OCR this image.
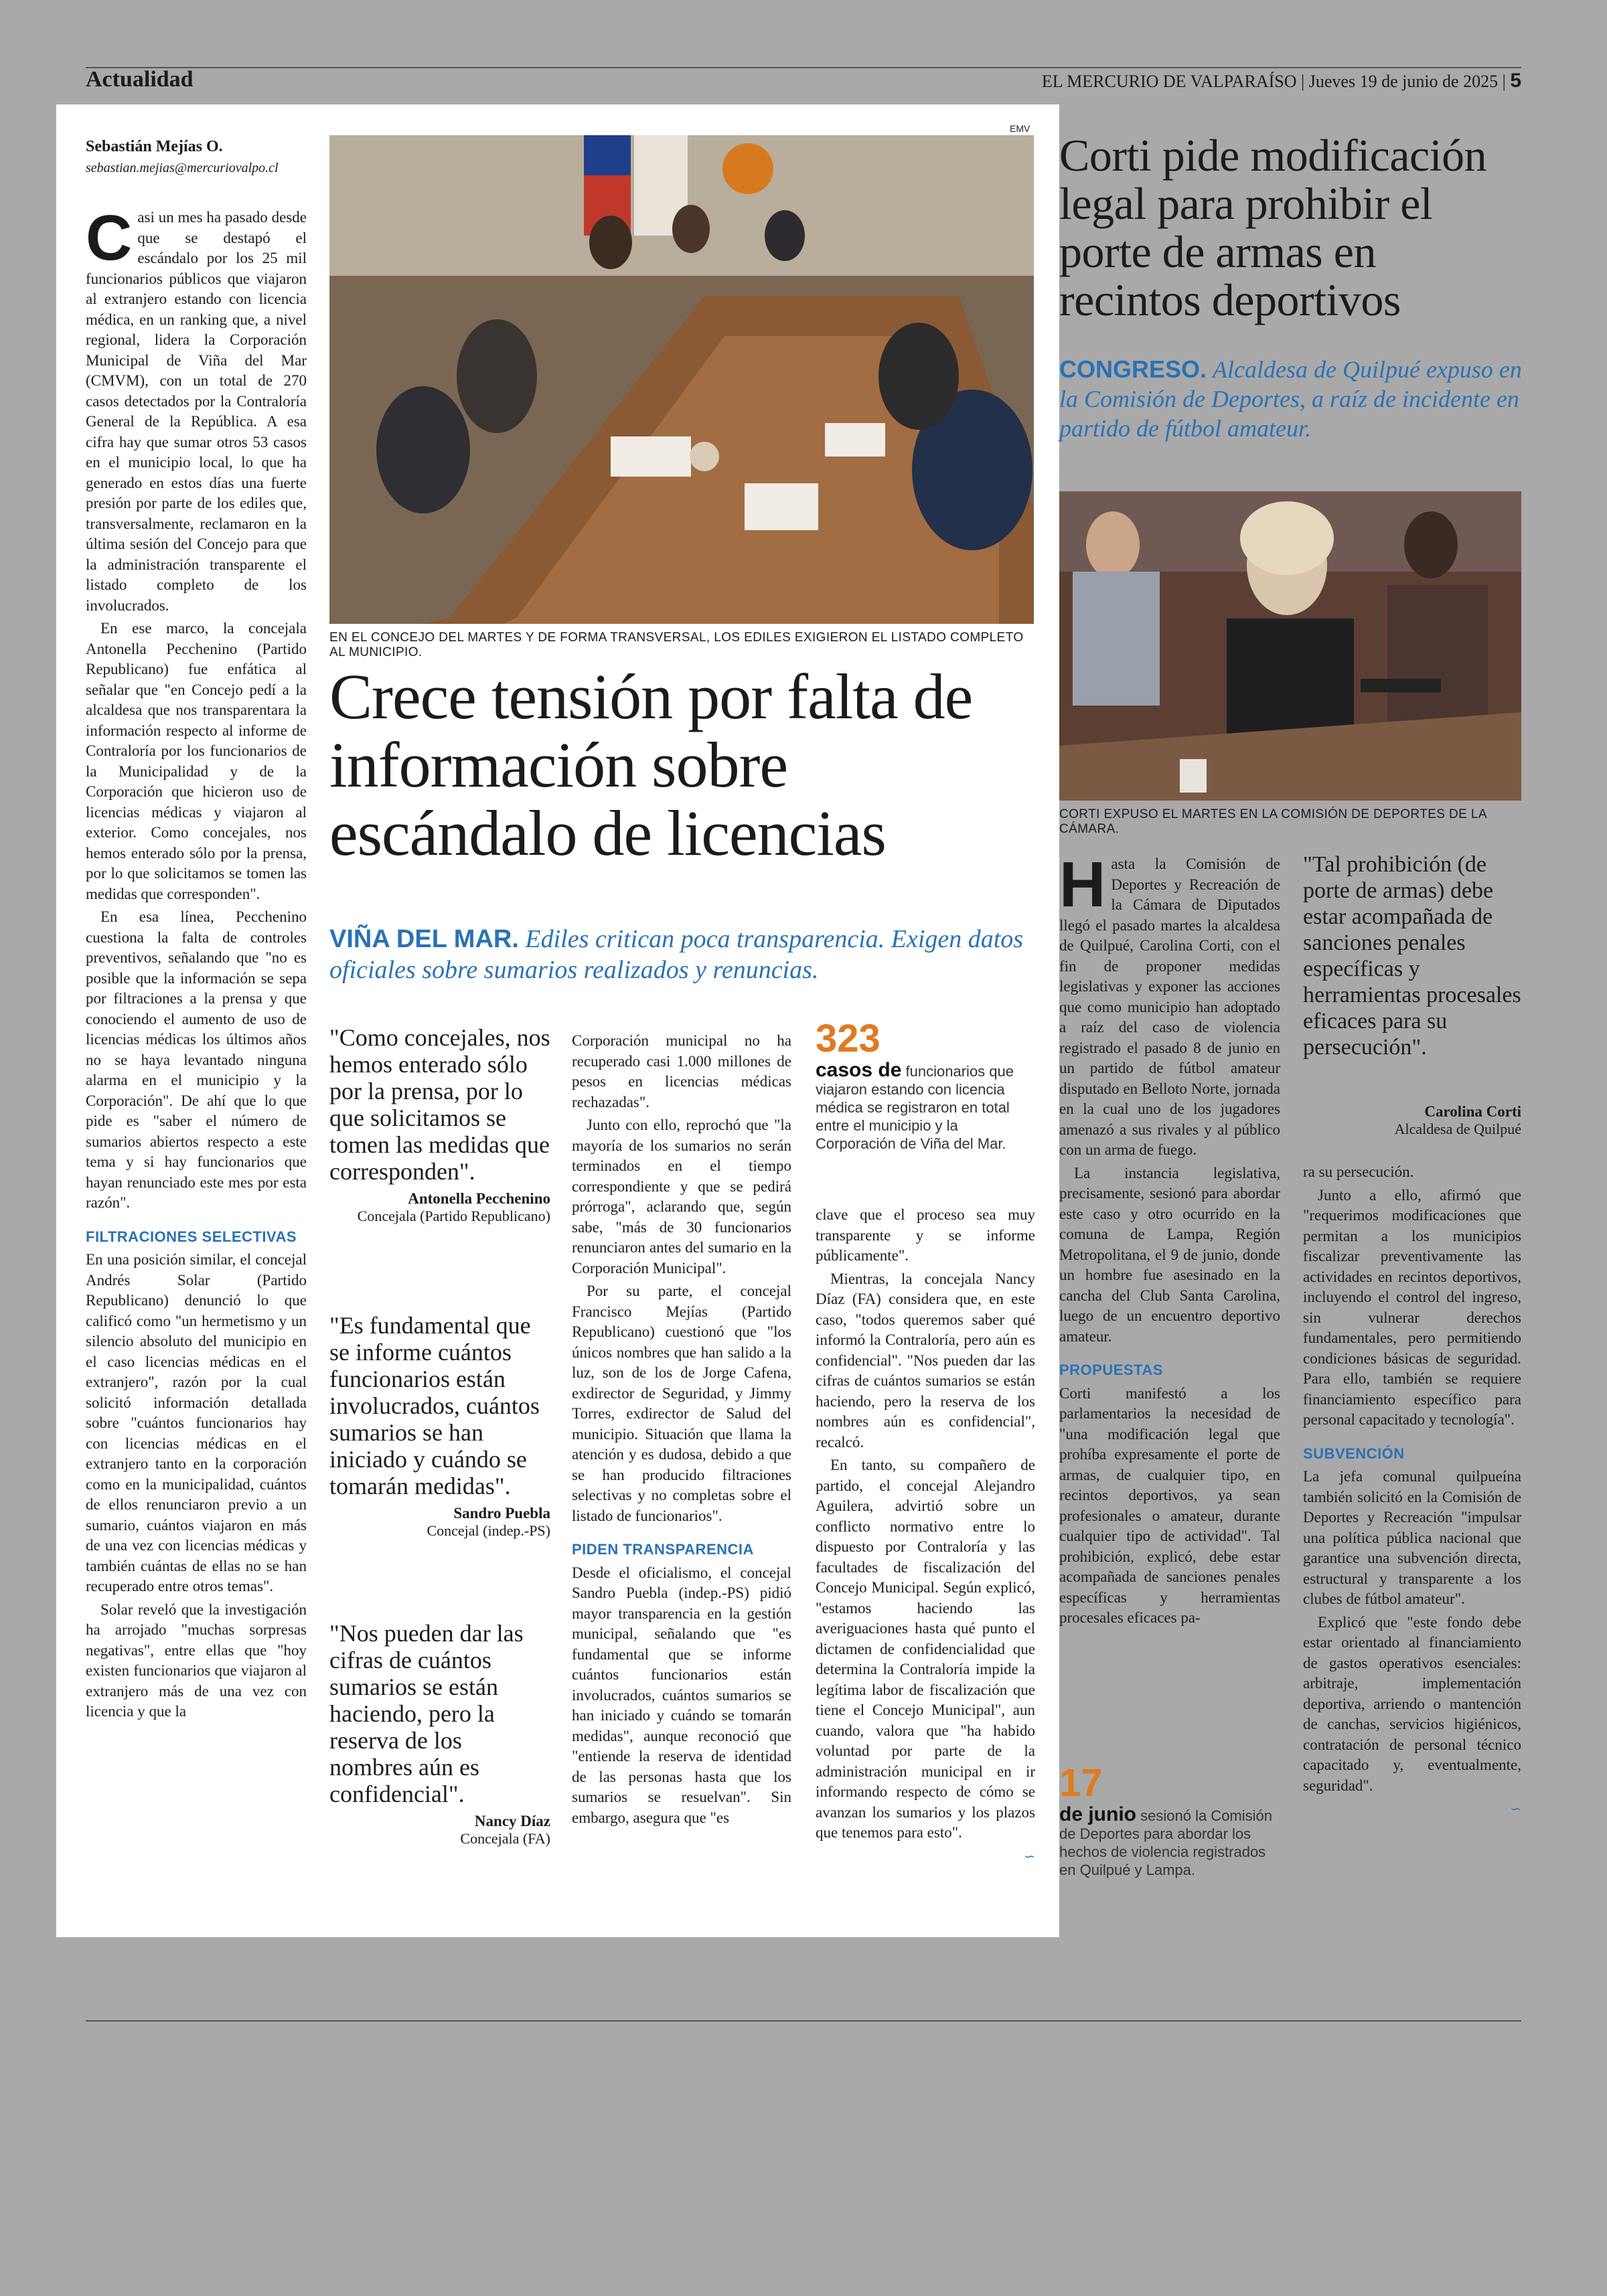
Actualidad	EL MERCURIO DE VALPARAÍSO | Jueves 19 de junio de 2025 | 5
Sebastián Mejías O.
sebastian.mejias@mercuriovalpo.cl
EMV
EN EL CONCEJO DEL MARTES Y DE FORMA TRANSVERSAL, LOS EDILES EXIGIERON EL LISTADO COMPLETO AL MUNICIPIO.
Crece tensión por falta de información sobre escándalo de licencias
VIÑA DEL MAR. Ediles critican poca transparencia. Exigen datos oficiales sobre sumarios realizados y renuncias.

Casi un mes ha pasado desde que se destapó el escándalo por los 25 mil funcionarios públicos que viajaron al extranjero estando con licencia médica, en un ranking que, a nivel regional, lidera la Corporación Municipal de Viña del Mar (CMVM), con un total de 270 casos detectados por la Contraloría General de la República. A esa cifra hay que sumar otros 53 casos en el municipio local, lo que ha generado en estos días una fuerte presión por parte de los ediles que, transversalmente, reclamaron en la última sesión del Concejo para que la administración transparente el listado completo de los involucrados.

En ese marco, la concejala Antonella Pecchenino (Partido Republicano) fue enfática al señalar que "en Concejo pedí a la alcaldesa que nos transparentara la información respecto al informe de Contraloría por los funcionarios de la Municipalidad y de la Corporación que hicieron uso de licencias médicas y viajaron al exterior. Como concejales, nos hemos enterado sólo por la prensa, por lo que solicitamos se tomen las medidas que corresponden".

En esa línea, Pecchenino cuestiona la falta de controles preventivos, señalando que "no es posible que la información se sepa por filtraciones a la prensa y que conociendo el aumento de uso de licencias médicas los últimos años no se haya levantado ninguna alarma en el municipio y la Corporación". De ahí que lo que pide es "saber el número de sumarios abiertos respecto a este tema y si hay funcionarios que hayan renunciado este mes por esta razón".

FILTRACIONES SELECTIVAS

En una posición similar, el concejal Andrés Solar (Partido Republicano) denunció lo que calificó como "un hermetismo y un silencio absoluto del municipio en el caso licencias médicas en el extranjero", razón por la cual solicitó información detallada sobre "cuántos funcionarios hay con licencias médicas en el extranjero tanto en la corporación como en la municipalidad, cuántos de ellos renunciaron previo a un sumario, cuántos viajaron en más de una vez con licencias médicas y también cuántas de ellas no se han recuperado entre otros temas".

Solar reveló que la investigación ha arrojado "muchas sorpresas negativas", entre ellas que "hoy existen funcionarios que viajaron al extranjero más de una vez con licencia y que la

"Como concejales, nos hemos enterado sólo por la prensa, por lo que solicitamos se tomen las medidas que corresponden".
Antonella Pecchenino
Concejala (Partido Republicano)
"Es fundamental que se informe cuántos funcionarios están involucrados, cuántos sumarios se han iniciado y cuándo se tomarán medidas".
Sandro Puebla
Concejal (indep.-PS)
"Nos pueden dar las cifras de cuántos sumarios se están haciendo, pero la reserva de los nombres aún es confidencial".
Nancy Díaz
Concejala (FA)

Corporación municipal no ha recuperado casi 1.000 millones de pesos en licencias médicas rechazadas".

Junto con ello, reprochó que "la mayoría de los sumarios no serán terminados en el tiempo correspondiente y que se pedirá prórroga", aclarando que, según sabe, "más de 30 funcionarios renunciaron antes del sumario en la Corporación Municipal".

Por su parte, el concejal Francisco Mejías (Partido Republicano) cuestionó que "los únicos nombres que han salido a la luz, son de los de Jorge Cafena, exdirector de Seguridad, y Jimmy Torres, exdirector de Salud del municipio. Situación que llama la atención y es dudosa, debido a que se han producido filtraciones selectivas y no completas sobre el listado de funcionarios".

PIDEN TRANSPARENCIA

Desde el oficialismo, el concejal Sandro Puebla (indep.-PS) pidió mayor transparencia en la gestión municipal, señalando que "es fundamental que se informe cuántos funcionarios están involucrados, cuántos sumarios se han iniciado y cuándo se tomarán medidas", aunque reconoció que "entiende la reserva de identidad de las personas hasta que los sumarios se resuelvan". Sin embargo, asegura que "es

323
casos de funcionarios que viajaron estando con licencia médica se registraron en total entre el municipio y la Corporación de Viña del Mar.

clave que el proceso sea muy transparente y se informe públicamente".

Mientras, la concejala Nancy Díaz (FA) considera que, en este caso, "todos queremos saber qué informó la Contraloría, pero aún es confidencial". "Nos pueden dar las cifras de cuántos sumarios se están haciendo, pero la reserva de los nombres aún es confidencial", recalcó.

En tanto, su compañero de partido, el concejal Alejandro Aguilera, advirtió sobre un conflicto normativo entre lo dispuesto por Contraloría y las facultades de fiscalización del Concejo Municipal. Según explicó, "estamos haciendo las averiguaciones hasta qué punto el dictamen de confidencialidad que determina la Contraloría impide la legítima labor de fiscalización que tiene el Concejo Municipal", aun cuando, valora que "ha habido voluntad por parte de la administración municipal en ir informando respecto de cómo se avanzan los sumarios y los plazos que tenemos para esto".

∽
Corti pide modificación legal para prohibir el porte de armas en recintos deportivos
CONGRESO. Alcaldesa de Quilpué expuso en la Comisión de Deportes, a raíz de incidente en partido de fútbol amateur.
CORTI EXPUSO EL MARTES EN LA COMISIÓN DE DEPORTES DE LA CÁMARA.

Hasta la Comisión de Deportes y Recreación de la Cámara de Diputados llegó el pasado martes la alcaldesa de Quilpué, Carolina Corti, con el fin de proponer medidas legislativas y exponer las acciones que como municipio han adoptado a raíz del caso de violencia registrado el pasado 8 de junio en un partido de fútbol amateur disputado en Belloto Norte, jornada en la cual uno de los jugadores amenazó a sus rivales y al público con un arma de fuego.

La instancia legislativa, precisamente, sesionó para abordar este caso y otro ocurrido en la comuna de Lampa, Región Metropolitana, el 9 de junio, donde un hombre fue asesinado en la cancha del Club Santa Carolina, luego de un encuentro deportivo amateur.

PROPUESTAS

Corti manifestó a los parlamentarios la necesidad de "una modificación legal que prohíba expresamente el porte de armas, de cualquier tipo, en recintos deportivos, ya sean profesionales o amateur, durante cualquier tipo de actividad". Tal prohibición, explicó, debe estar acompañada de sanciones penales específicas y herramientas procesales eficaces pa-

17
de junio sesionó la Comisión de Deportes para abordar los hechos de violencia registrados en Quilpué y Lampa.
"Tal prohibición (de porte de armas) debe estar acompañada de sanciones penales específicas y herramientas procesales eficaces para su persecución".
Carolina Corti
Alcaldesa de Quilpué

ra su persecución.

Junto a ello, afirmó que "requerimos modificaciones que permitan a los municipios fiscalizar preventivamente las actividades en recintos deportivos, incluyendo el control del ingreso, sin vulnerar derechos fundamentales, pero permitiendo condiciones básicas de seguridad. Para ello, también se requiere financiamiento específico para personal capacitado y tecnología".

SUBVENCIÓN

La jefa comunal quilpueína también solicitó en la Comisión de Deportes y Recreación "impulsar una política pública nacional que garantice una subvención directa, estructural y transparente a los clubes de fútbol amateur".

Explicó que "este fondo debe estar orientado al financiamiento de gastos operativos esenciales: arbitraje, implementación deportiva, arriendo o mantención de canchas, servicios higiénicos, contratación de personal técnico capacitado y, eventualmente, seguridad".

∽
